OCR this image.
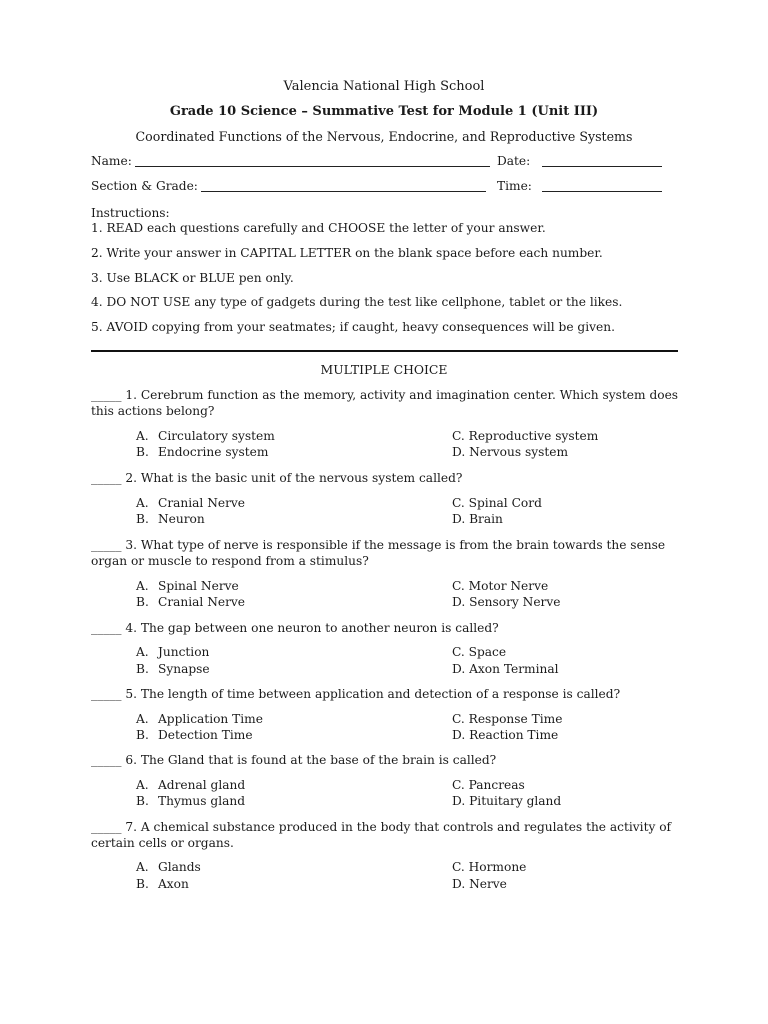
Valencia National High School
Grade 10 Science – Summative Test for Module 1 (Unit III)
Coordinated Functions of the Nervous, Endocrine, and Reproductive Systems
Name:	Date:
Section & Grade:	Time:
Instructions:
1. READ each questions carefully and CHOOSE the letter of your answer.
2. Write your answer in CAPITAL LETTER on the blank space before each number.
3. Use BLACK or BLUE pen only.
4. DO NOT USE any type of gadgets during the test like cellphone, tablet or the likes.
5. AVOID copying from your seatmates; if caught, heavy consequences will be given.
MULTIPLE CHOICE
_____ 1. Cerebrum function as the memory, activity and imagination center. Which system does
this actions belong?
A. Circulatory system	C. Reproductive system
B. Endocrine system	D. Nervous system
_____ 2. What is the basic unit of the nervous system called?
A. Cranial Nerve	C. Spinal Cord
B. Neuron	D. Brain
_____ 3. What type of nerve is responsible if the message is from the brain towards the sense
organ or muscle to respond from a stimulus?
A. Spinal Nerve	C. Motor Nerve
B. Cranial Nerve	D. Sensory Nerve
_____ 4. The gap between one neuron to another neuron is called?
A. Junction	C. Space
B. Synapse	D. Axon Terminal
_____ 5. The length of time between application and detection of a response is called?
A. Application Time	C. Response Time
B. Detection Time	D. Reaction Time
_____ 6. The Gland that is found at the base of the brain is called?
A. Adrenal gland	C. Pancreas
B. Thymus gland	D. Pituitary gland
_____ 7. A chemical substance produced in the body that controls and regulates the activity of
certain cells or organs.
A. Glands	C. Hormone
B. Axon	D. Nerve
